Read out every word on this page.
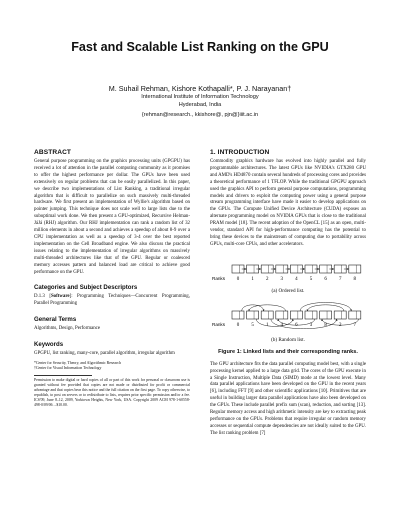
Fast and Scalable List Ranking on the GPU
M. Suhail Rehman, Kishore Kothapalli*, P. J. Narayanan†
International Institute of Information Technology
Hyderabad, India
{rehman@research., kkishore@, pjn@}iiit.ac.in
ABSTRACT

General purpose programming on the graphics processing units (GPGPU) has received a lot of attention in the parallel computing community as it promises to offer the highest performance per dollar. The GPUs have been used extensively on regular problems that can be easily parallelized. In this paper, we describe two implementations of List Ranking, a traditional irregular algorithm that is difficult to parallelize on such massively multi-threaded hardware. We first present an implementation of Wyllie's algorithm based on pointer jumping. This technique does not scale well to large lists due to the suboptimal work done. We then present a GPU-optimized, Recursive Helman-JáJá (RHJ) algorithm. Our RHJ implementation can rank a random list of 32 million elements in about a second and achieves a speedup of about 8-9 over a CPU implementation as well as a speedup of 3-4 over the best reported implementation on the Cell Broadband engine. We also discuss the practical issues relating to the implementation of irregular algorithms on massively multi-threaded architectures like that of the GPU. Regular or coalesced memory accesses pattern and balanced load are critical to achieve good performance on the GPU.

Categories and Subject Descriptors

D.1.3 [Software]: Programming Techniques—Concurrent Programming, Parallel Programming

General Terms

Algorithms, Design, Performance

Keywords

GPGPU, list ranking, many-core, parallel algorithm, irregular algorithm

*Center for Security, Theory, and Algorithmic Research

†Center for Visual Information Technology

Permission to make digital or hard copies of all or part of this work for personal or classroom use is granted without fee provided that copies are not made or distributed for profit or commercial advantage and that copies bear this notice and the full citation on the first page. To copy otherwise, to republish, to post on servers or to redistribute to lists, requires prior specific permission and/or a fee. ICS'09, June 8–12, 2009, Yorktown Heights, New York, USA. Copyright 2009 ACM 978-1-60558-498-0/09/06 ...$10.00.

1. INTRODUCTION

Commodity graphics hardware has evolved into highly parallel and fully programmable architectures. The latest GPUs like NVIDIA's GTX280 GPU and AMD's HD4870 contain several hundreds of processing cores and provides a theoretical performance of 1 TFLOP. While the traditional GPGPU approach used the graphics API to perform general purpose computations, programming models and drivers to exploit the computing power using a general purpose stream programming interface have made it easier to develop applications on the GPUs. The Compute Unified Device Architecture (CUDA) exposes an alternate programming model on NVIDIA GPUs that is close to the traditional PRAM model [18]. The recent adoption of the OpenCL [15] as an open, multi-vendor, standard API for high-performance computing has the potential to bring these devices to the mainstream of computing due to portability across GPUs, multi-core CPUs, and other accelerators.

0 1 2 3 4 5 6 7 8
Ranks
0 5 1 4 6 3 8 2 7
Ranks
(a) Ordered list.
(b) Random list.

Figure 1: Linked lists and their corresponding ranks.

The GPU architecture fits the data parallel computing model best, with a single processing kernel applied to a large data grid. The cores of the GPU execute in a Single Instruction, Multiple Data (SIMD) mode at the lowest level. Many data parallel applications have been developed on the GPU in the recent years [6], including FFT [9] and other scientific applications [10]. Primitives that are useful in building larger data parallel applications have also been developed on the GPUs. These include parallel prefix sum (scan), reduction, and sorting [13]. Regular memory access and high arithmetic intensity are key to extracting peak performance on the GPUs. Problems that require irregular or random memory accesses or sequential compute dependencies are not ideally suited to the GPU. The list ranking problem [7]
